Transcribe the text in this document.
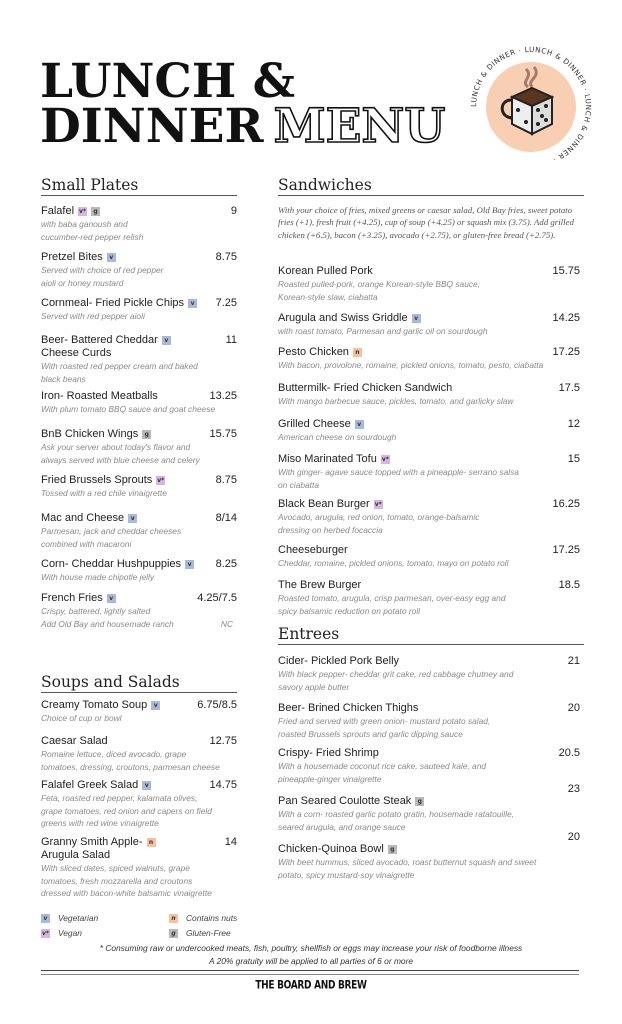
LUNCH &
DINNER MENU	LUNCH & DINNER · LUNCH & DINNER · LUNCH & DINNER ·
Small Plates
Soups and Salads
Sandwiches
With your choice of fries, mixed greens or caesar salad, Old Bay fries, sweet potato fries (+1), fresh fruit (+4.25), cup of soup (+4.25) or squash mix (3.75). Add grilled chicken (+6.5), bacon (+3.25), avocado (+2.75), or gluten-free bread (+2.75).
Entrees
Falafel v* g	9
with baba ganoush and
cucumber-red pepper relish
Pretzel Bites v	8.75
Served with choice of red pepper
aioli or honey mustard
Cornmeal- Fried Pickle Chips v 7.25
Served with red pepper aioli
Beer- Battered Cheddar v
Cheese Curds
11
With roasted red pepper cream and baked
black beans
Iron- Roasted Meatballs	13.25
With plum tomato BBQ sauce and goat cheese
BnB Chicken Wings g	15.75
Ask your server about today's flavor and
always served with blue cheese and celery
Fried Brussels Sprouts v*	8.75
Tossed with a red chile vinaigrette
Mac and Cheese v	8/14
Parmesan, jack and cheddar cheeses
combined with macaroni
Corn- Cheddar Hushpuppies v 8.25
With house made chipotle jelly
French Fries v	4.25/7.5
Crispy, battered, lightly salted
Add Old Bay and housemade ranch	NC
Creamy Tomato Soup v	6.75/8.5
Choice of cup or bowl
Caesar Salad	12.75
Romaine lettuce, diced avocado, grape
tomatoes, dressing, croutons, parmesan cheese
Falafel Greek Salad v	14.75
Feta, roasted red pepper, kalamata olives,
grape tomatoes, red onion and capers on field
greens with red wine vinaigrette
Granny Smith Apple- n
Arugula Salad
14
With sliced dates, spiced walnuts, grape
tomatoes, fresh mozzarella and croutons
dressed with bacon-white balsamic vinaigrette
Korean Pulled Pork	15.75
Roasted pulled-pork, orange Korean-style BBQ sauce,
Korean-style slaw, ciabatta
Arugula and Swiss Griddle v	14.25
with roast tomato, Parmesan and garlic oil on sourdough
Pesto Chicken n	17.25
With bacon, provolone, romaine, pickled onions, tomato, pesto, ciabatta
Buttermilk- Fried Chicken Sandwich	17.5
With mango barbecue sauce, pickles, tomato, and garlicky slaw
Grilled Cheese v	12
American cheese on sourdough
Miso Marinated Tofu v*	15
With ginger- agave sauce topped with a pineapple- serrano salsa
on ciabatta
Black Bean Burger v*	16.25
Avocado, arugula, red onion, tomato, orange-balsamic
dressing on herbed focaccia
Cheeseburger	17.25
Cheddar, romaine, pickled onions, tomato, mayo on potato roll
The Brew Burger	18.5
Roasted tomato, arugula, crisp parmesan, over-easy egg and
spicy balsamic reduction on potato roll
Cider- Pickled Pork Belly	21
With black pepper- cheddar grit cake, red cabbage chutney and
savory apple butter
Beer- Brined Chicken Thighs	20
Fried and served with green onion- mustard potato salad,
roasted Brussels sprouts and garlic dipping sauce
Crispy- Fried Shrimp	20.5
With a housemade coconut rice cake, sauteed kale, and
pineapple-ginger vinaigrette
Pan Seared Coulotte Steak g
23
With a corn- roasted garlic potato gratin, housemade ratatouille,
seared arugula, and orange sauce
Chicken-Quinoa Bowl g
20
With beet hummus, sliced avocado, roast butternut squash and sweet
potato, spicy mustard-soy vinaigrette
v Vegetarian
v* Vegan
n Contains nuts
g Gluten-Free
* Consuming raw or undercooked meats, fish, poultry, shellfish or eggs may increase your risk of foodborne illness
A 20% gratuity will be applied to all parties of 6 or more
THE BOARD AND BREW
